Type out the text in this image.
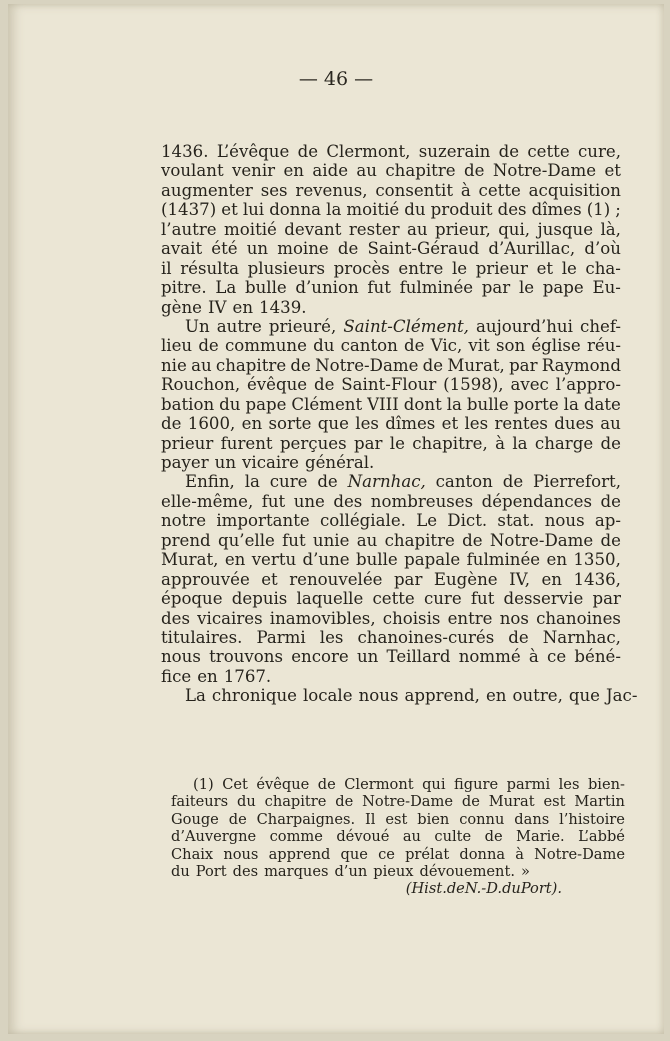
— 46 —
1436. L’évêque de Clermont, suzerain de cette cure,
voulant venir en aide au chapitre de Notre-Dame et
augmenter ses revenus, consentit à cette acquisition
(1437) et lui donna la moitié du produit des dîmes (1) ;
l’autre moitié devant rester au prieur, qui, jusque là,
avait été un moine de Saint-Géraud d’Aurillac, d’où
il résulta plusieurs procès entre le prieur et le cha-
pitre. La bulle d’union fut fulminée par le pape Eu-
gène IV en 1439.
Un autre prieuré, Saint-Clément, aujourd’hui chef-
lieu de commune du canton de Vic, vit son église réu-
nie au chapitre de Notre-Dame de Murat, par Raymond
Rouchon, évêque de Saint-Flour (1598), avec l’appro-
bation du pape Clément VIII dont la bulle porte la date
de 1600, en sorte que les dîmes et les rentes dues au
prieur furent perçues par le chapitre, à la charge de
payer un vicaire général.
Enfin, la cure de Narnhac, canton de Pierrefort,
elle-même, fut une des nombreuses dépendances de
notre importante collégiale. Le Dict. stat. nous ap-
prend qu’elle fut unie au chapitre de Notre-Dame de
Murat, en vertu d’une bulle papale fulminée en 1350,
approuvée et renouvelée par Eugène IV, en 1436,
époque depuis laquelle cette cure fut desservie par
des vicaires inamovibles, choisis entre nos chanoines
titulaires. Parmi les chanoines-curés de Narnhac,
nous trouvons encore un Teillard nommé à ce béné-
fice en 1767.
La chronique locale nous apprend, en outre, que Jac-
(1) Cet évêque de Clermont qui figure parmi les bien-
faiteurs du chapitre de Notre-Dame de Murat est Martin
Gouge de Charpaignes. Il est bien connu dans l’histoire
d’Auvergne comme dévoué au culte de Marie. L’abbé
Chaix nous apprend que ce prélat donna à Notre-Dame
du Port des marques d’un pieux dévouement. »
(Hist. de N.-D. du Port).
